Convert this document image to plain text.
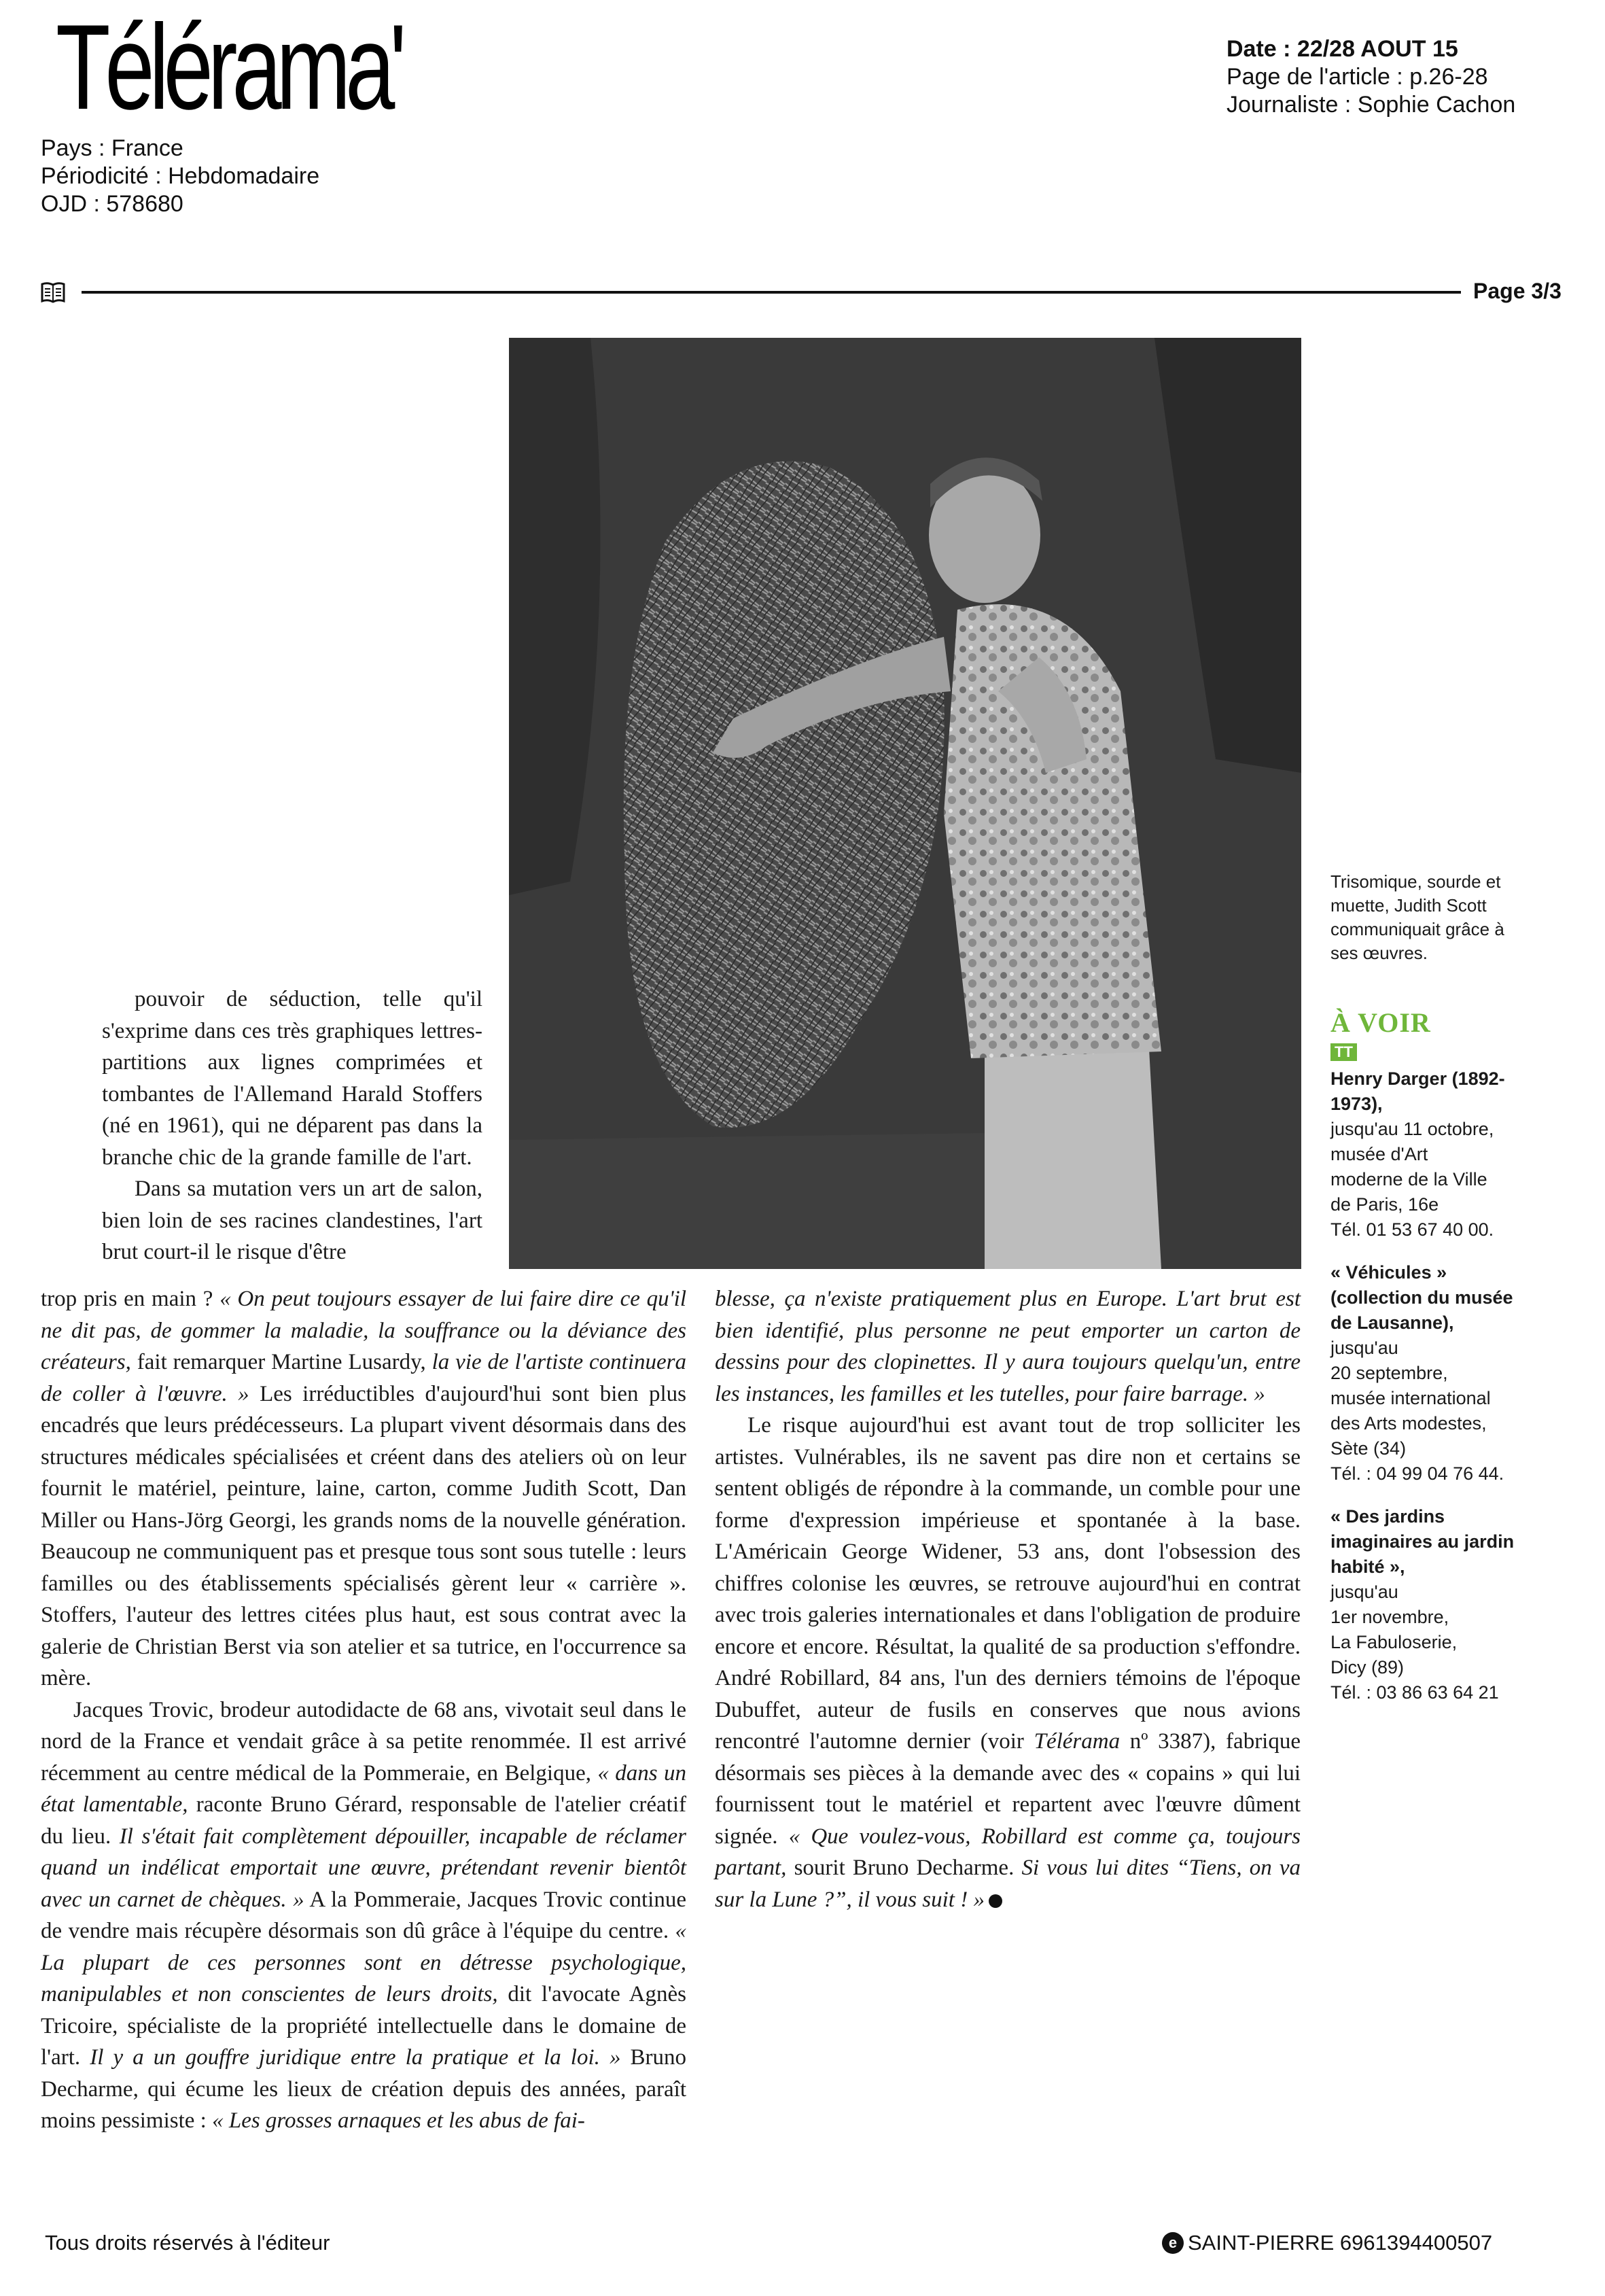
Télérama'
Pays : France
Périodicité : Hebdomadaire
OJD : 578680
Date : 22/28 AOUT 15
Page de l'article : p.26-28
Journaliste : Sophie Cachon
Page 3/3

pouvoir de séduction, telle qu'il s'exprime dans ces très graphiques lettres-partitions aux lignes comprimées et tombantes de l'Allemand Harald Stoffers (né en 1961), qui ne déparent pas dans la branche chic de la grande famille de l'art.

Dans sa mutation vers un art de salon, bien loin de ses racines clandestines, l'art brut court-il le risque d'être

trop pris en main ? « On peut toujours essayer de lui faire dire ce qu'il ne dit pas, de gommer la maladie, la souffrance ou la déviance des créateurs, fait remarquer Martine Lusardy, la vie de l'artiste continuera de coller à l'œuvre. » Les irréductibles d'aujourd'hui sont bien plus encadrés que leurs prédécesseurs. La plupart vivent désormais dans des structures médicales spécialisées et créent dans des ateliers où on leur fournit le matériel, peinture, laine, carton, comme Judith Scott, Dan Miller ou Hans-Jörg Georgi, les grands noms de la nouvelle génération. Beaucoup ne communiquent pas et presque tous sont sous tutelle : leurs familles ou des établissements spécialisés gèrent leur « carrière ». Stoffers, l'auteur des lettres citées plus haut, est sous contrat avec la galerie de Christian Berst via son atelier et sa tutrice, en l'occurrence sa mère.

Jacques Trovic, brodeur autodidacte de 68 ans, vivotait seul dans le nord de la France et vendait grâce à sa petite renommée. Il est arrivé récemment au centre médical de la Pommeraie, en Belgique, « dans un état lamentable, raconte Bruno Gérard, responsable de l'atelier créatif du lieu. Il s'était fait complètement dépouiller, incapable de réclamer quand un indélicat emportait une œuvre, prétendant revenir bientôt avec un carnet de chèques. » A la Pommeraie, Jacques Trovic continue de vendre mais récupère désormais son dû grâce à l'équipe du centre. « La plupart de ces personnes sont en détresse psychologique, manipulables et non conscientes de leurs droits, dit l'avocate Agnès Tricoire, spécialiste de la propriété intellectuelle dans le domaine de l'art. Il y a un gouffre juridique entre la pratique et la loi. » Bruno Decharme, qui écume les lieux de création depuis des années, paraît moins pessimiste : « Les grosses arnaques et les abus de fai-

blesse, ça n'existe pratiquement plus en Europe. L'art brut est bien identifié, plus personne ne peut emporter un carton de dessins pour des clopinettes. Il y aura toujours quelqu'un, entre les instances, les familles et les tutelles, pour faire barrage. »

Le risque aujourd'hui est avant tout de trop solliciter les artistes. Vulnérables, ils ne savent pas dire non et certains se sentent obligés de répondre à la commande, un comble pour une forme d'expression impérieuse et spontanée à la base. L'Américain George Widener, 53 ans, dont l'obsession des chiffres colonise les œuvres, se retrouve aujourd'hui en contrat avec trois galeries internationales et dans l'obligation de produire encore et encore. Résultat, la qualité de sa production s'effondre. André Robillard, 84 ans, l'un des derniers témoins de l'époque Dubuffet, auteur de fusils en conserves que nous avions rencontré l'automne dernier (voir Télérama nº 3387), fabrique désormais ses pièces à la demande avec des « copains » qui lui fournissent tout le matériel et repartent avec l'œuvre dûment signée. « Que voulez-vous, Robillard est comme ça, toujours partant, sourit Bruno Decharme. Si vous lui dites “Tiens, on va sur la Lune ?”, il vous suit ! »

Trisomique, sourde et muette, Judith Scott communiquait grâce à ses œuvres.
À VOIR
TT
Henry Darger (1892-1973),
jusqu'au 11 octobre,
musée d'Art
moderne de la Ville
de Paris, 16e
Tél. 01 53 67 40 00.
« Véhicules » (collection du musée de Lausanne),
jusqu'au
20 septembre,
musée international
des Arts modestes,
Sète (34)
Tél. : 04 99 04 76 44.
« Des jardins imaginaires au jardin habité »,
jusqu'au
1er novembre,
La Fabuloserie,
Dicy (89)
Tél. : 03 86 63 64 21
Tous droits réservés à l'éditeur	e SAINT-PIERRE 6961394400507
